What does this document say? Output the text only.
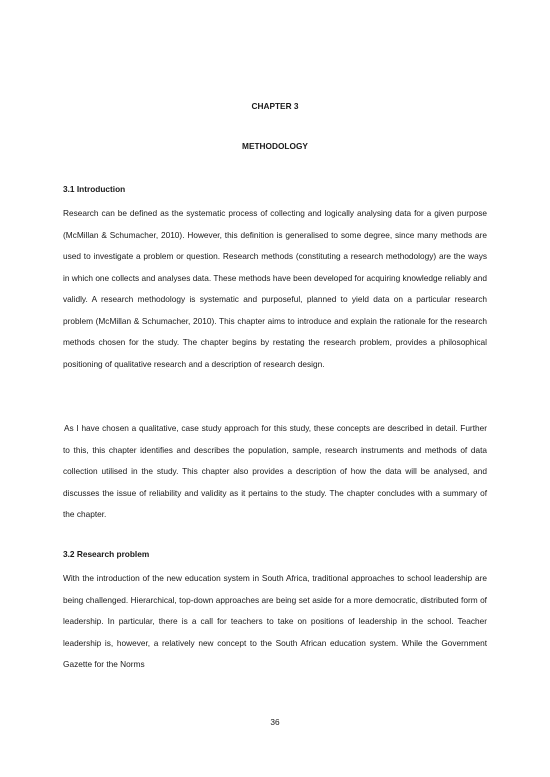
CHAPTER 3

METHODOLOGY

3.1 Introduction

Research can be defined as the systematic process of collecting and logically analysing data for a given purpose (McMillan & Schumacher, 2010). However, this definition is generalised to some degree, since many methods are used to investigate a problem or question. Research methods (constituting a research methodology) are the ways in which one collects and analyses data. These methods have been developed for acquiring knowledge reliably and validly. A research methodology is systematic and purposeful, planned to yield data on a particular research problem (McMillan & Schumacher, 2010). This chapter aims to introduce and explain the rationale for the research methods chosen for the study. The chapter begins by restating the research problem, provides a philosophical positioning of qualitative research and a description of research design.

As I have chosen a qualitative, case study approach for this study, these concepts are described in detail. Further to this, this chapter identifies and describes the population, sample, research instruments and methods of data collection utilised in the study. This chapter also provides a description of how the data will be analysed, and discusses the issue of reliability and validity as it pertains to the study. The chapter concludes with a summary of the chapter.

3.2 Research problem

With the introduction of the new education system in South Africa, traditional approaches to school leadership are being challenged. Hierarchical, top-down approaches are being set aside for a more democratic, distributed form of leadership. In particular, there is a call for teachers to take on positions of leadership in the school. Teacher leadership is, however, a relatively new concept to the South African education system. While the Government Gazette for the Norms

36
